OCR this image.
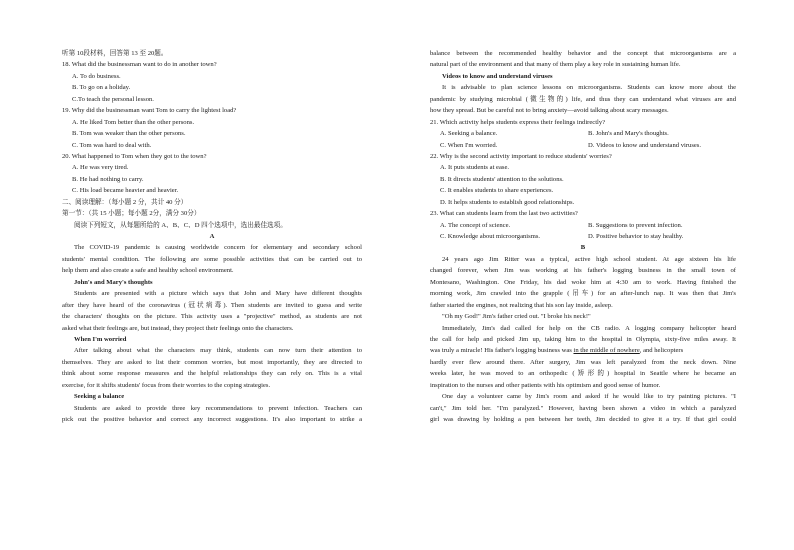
听第 10段材料，回答第 13 至 20题。
18. What did the businessman want to do in another town?
A. To do business.
B. To go on a holiday.
C.To teach the personal lesson.
19. Why did the businessman want Tom to carry the lightest load?
A. He liked Tom better than the other persons.
B. Tom was weaker than the other persons.
C. Tom was hard to deal with.
20. What happened to Tom when they got to the town?
A. He was very tired.
B. He had nothing to carry.
C. His load became heavier and heavier.
二、阅读理解：（每小题 2 分，共计 40 分）
第一节：（共 15 小题；每小题 2分，满分 30分）
阅读下列短文，从每题所给的 A、B、C、D 四个选项中，选出最佳选项。
A
The COVID-19 pandemic is causing worldwide concern for elementary and secondary school
students' mental condition. The following are some possible activities that can be carried out to
help them and also create a safe and healthy school environment.
John's and Mary's thoughts
Students are presented with a picture which says that John and Mary have different thoughts
after they have heard of the coronavirus (冠状病毒). Then students are invited to guess and write
the characters' thoughts on the picture. This activity uses a "projective" method, as students are not
asked what their feelings are, but instead, they project their feelings onto the characters.
When I'm worried
After talking about what the characters may think, students can now turn their attention to
themselves. They are asked to list their common worries, but most importantly, they are directed to
think about some response measures and the helpful relationships they can rely on. This is a vital
exercise, for it shifts students' focus from their worries to the coping strategies.
Seeking a balance
Students are asked to provide three key recommendations to prevent infection. Teachers can
pick out the positive behavior and correct any incorrect suggestions. It's also important to strike a
balance between the recommended healthy behavior and the concept that microorganisms are a
natural part of the environment and that many of them play a key role in sustaining human life.
Videos to know and understand viruses
It is advisable to plan science lessons on microorganisms. Students can know more about the
pandemic by studying microbial (微生物的) life, and thus they can understand what viruses are and
how they spread. But be careful not to bring anxiety—avoid talking about scary messages.
21. Which activity helps students express their feelings indirectly?
A. Seeking a balance.	B. John's and Mary's thoughts.
C. When I'm worried.	D. Videos to know and understand viruses.
22. Why is the second activity important to reduce students' worries?
A. It puts students at ease.
B. It directs students' attention to the solutions.
C. It enables students to share experiences.
D. It helps students to establish good relationships.
23. What can students learn from the last two activities?
A. The concept of science.	B. Suggestions to prevent infection.
C. Knowledge about microorganisms.	D. Positive behavior to stay healthy.
B
24 years ago Jim Ritter was a typical, active high school student. At age sixteen his life
changed forever, when Jim was working at his father's logging business in the small town of
Montesano, Washington. One Friday, his dad woke him at 4:30 am to work. Having finished the
morning work, Jim crawled into the grapple (吊车) for an after-lunch nap. It was then that Jim's
father started the engines, not realizing that his son lay inside, asleep.
"Oh my God!" Jim's father cried out. "I broke his neck!"
Immediately, Jim's dad called for help on the CB radio. A logging company helicopter heard
the call for help and picked Jim up, taking him to the hospital in Olympia, sixty-five miles away. It
was truly a miracle! His father's logging business was in the middle of nowhere, and helicopters
hardly ever flew around there. After surgery, Jim was left paralyzed from the neck down. Nine
weeks later, he was moved to an orthopedic (矫形的) hospital in Seattle where he became an
inspiration to the nurses and other patients with his optimism and good sense of humor.
One day a volunteer came by Jim's room and asked if he would like to try painting pictures. "I
can't," Jim told her. "I'm paralyzed." However, having been shown a video in which a paralyzed
girl was drawing by holding a pen between her teeth, Jim decided to give it a try. If that girl could
